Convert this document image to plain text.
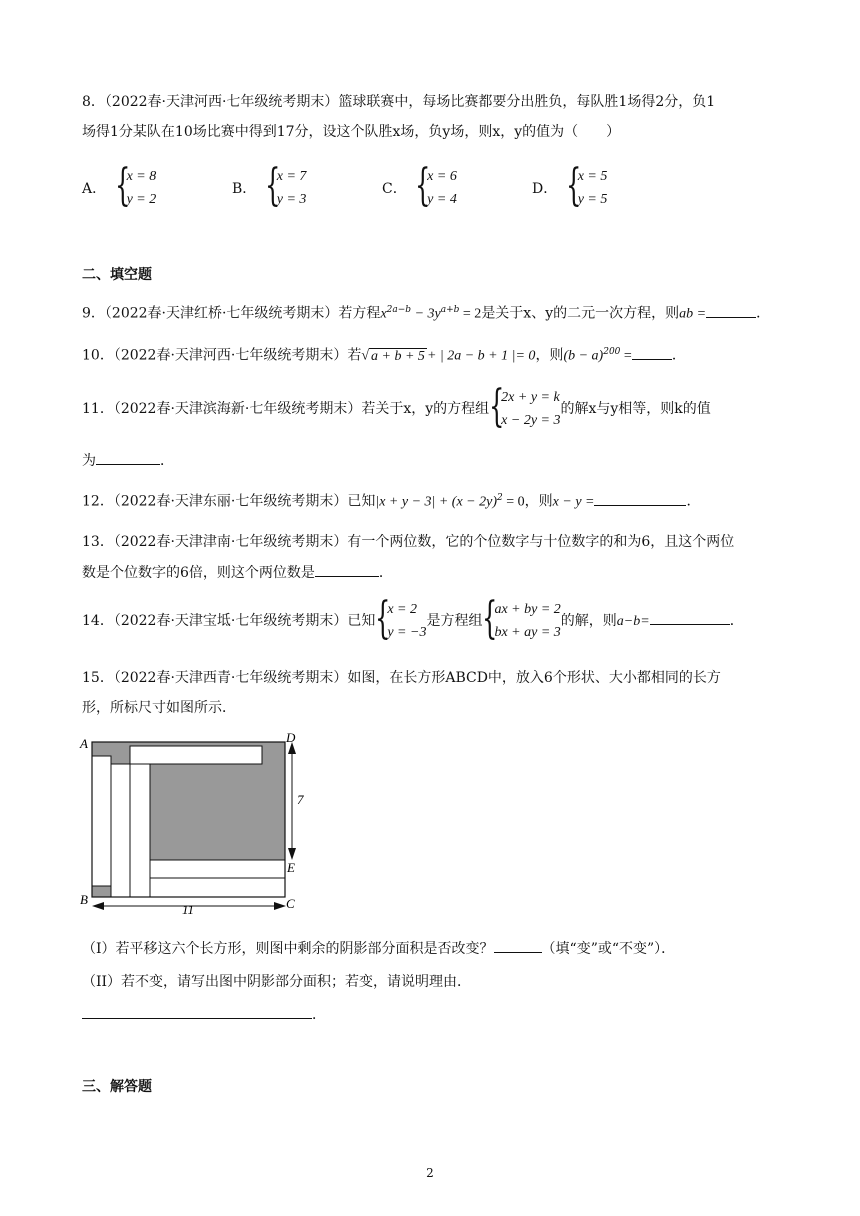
8．（2022春·天津河西·七年级统考期末）篮球联赛中，每场比赛都要分出胜负，每队胜1场得2分，负1
场得1分某队在10场比赛中得到17分，设这个队胜x场，负y场，则x，y的值为（　　）
A． {
x = 8
y = 2
B． {
x = 7
y = 3
C． {
x = 6
y = 4
D． {
x = 5
y = 5
二、填空题
9．（2022春·天津红桥·七年级统考期末）若方程$x^{2a-b} - 3y^{a+b} = 2$是关于x、y的二元一次方程，则ab =	．
10．（2022春·天津河西·七年级统考期末）若√ a + b + 5 + | 2a − b + 1 |= 0，则$(b - a)^{200}$ =	．
11．（2022春·天津滨海新·七年级统考期末）若关于x，y的方程组 {
2x + y = k
x − 2y = 3的解x与y相等，则k的值
为	．
12．（2022春·天津东丽·七年级统考期末）已知$|x + y - 3| + (x - 2y)^2 = 0$，则x − y =	．
13．（2022春·天津津南·七年级统考期末）有一个两位数，它的个位数字与十位数字的和为6，且这个两位
数是个位数字的6倍，则这个两位数是	．
14．（2022春·天津宝坻·七年级统考期末）已知 {
x = 2
y = −3是方程组 {
ax + by = 2
bx + ay = 3的解，则a−b=	．
15．（2022春·天津西青·七年级统考期末）如图，在长方形ABCD中，放入6个形状、大小都相同的长方
形，所标尺寸如图所示．
A	D
E
B	C
7
11
（I）若平移这六个长方形，则图中剩余的阴影部分面积是否改变？	（填“变”或“不变”）．
（II）若不变，请写出图中阴影部分面积；若变，请说明理由．
．
三、解答题
2
